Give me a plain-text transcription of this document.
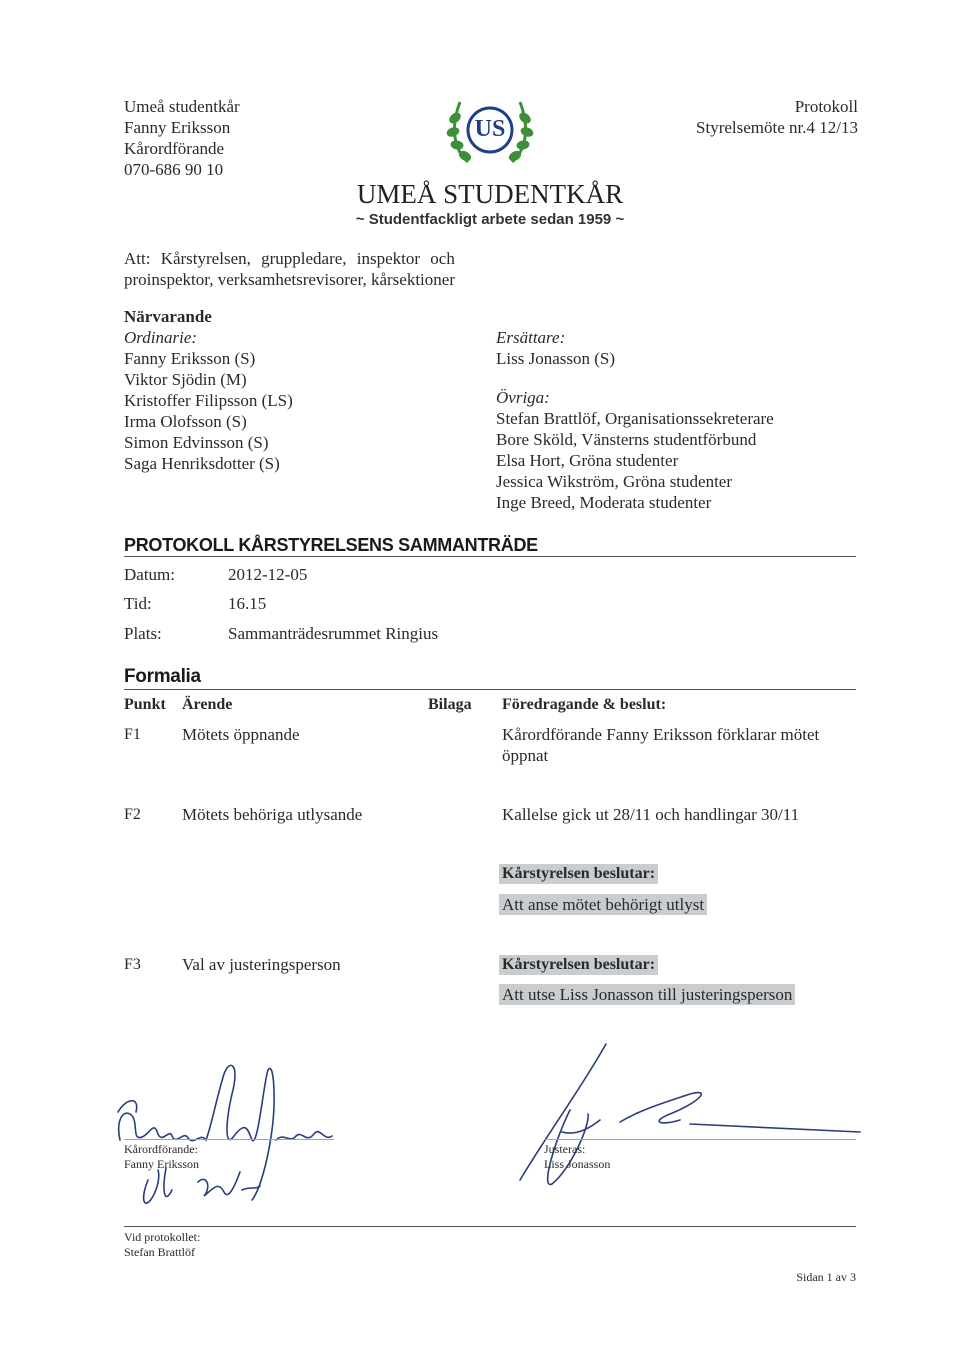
Umeå studentkår
Fanny Eriksson
Kårordförande
070-686 90 10
Protokoll
Styrelsemöte nr.4 12/13
US
UMEÅ STUDENTKÅR
~ Studentfackligt arbete sedan 1959 ~
Att: Kårstyrelsen, gruppledare, inspektor och
proinspektor, verksamhetsrevisorer, kårsektioner
Närvarande
Ordinarie:
Fanny Eriksson (S)
Viktor Sjödin (M)
Kristoffer Filipsson (LS)
Irma Olofsson (S)
Simon Edvinsson (S)
Saga Henriksdotter (S)
Ersättare:
Liss Jonasson (S)
Övriga:
Stefan Brattlöf, Organisationssekreterare
Bore Sköld, Vänsterns studentförbund
Elsa Hort, Gröna studenter
Jessica Wikström, Gröna studenter
Inge Breed, Moderata studenter
PROTOKOLL KÅRSTYRELSENS SAMMANTRÄDE
Datum:	2012-12-05
Tid:	16.15
Plats:	Sammanträdesrummet Ringius
Formalia
Punkt Ärende	Bilaga Föredragande & beslut:
F1 Mötets öppnande	Kårordförande Fanny Eriksson förklarar mötet
öppnat
F2 Mötets behöriga utlysande	Kallelse gick ut 28/11 och handlingar 30/11
Kårstyrelsen beslutar:
Att anse mötet behörigt utlyst
F3 Val av justeringsperson	Kårstyrelsen beslutar:
Att utse Liss Jonasson till justeringsperson
Kårordförande:
Fanny Eriksson
Justeras:
Liss Jonasson
Vid protokollet:
Stefan Brattlöf
Sidan 1 av 3
